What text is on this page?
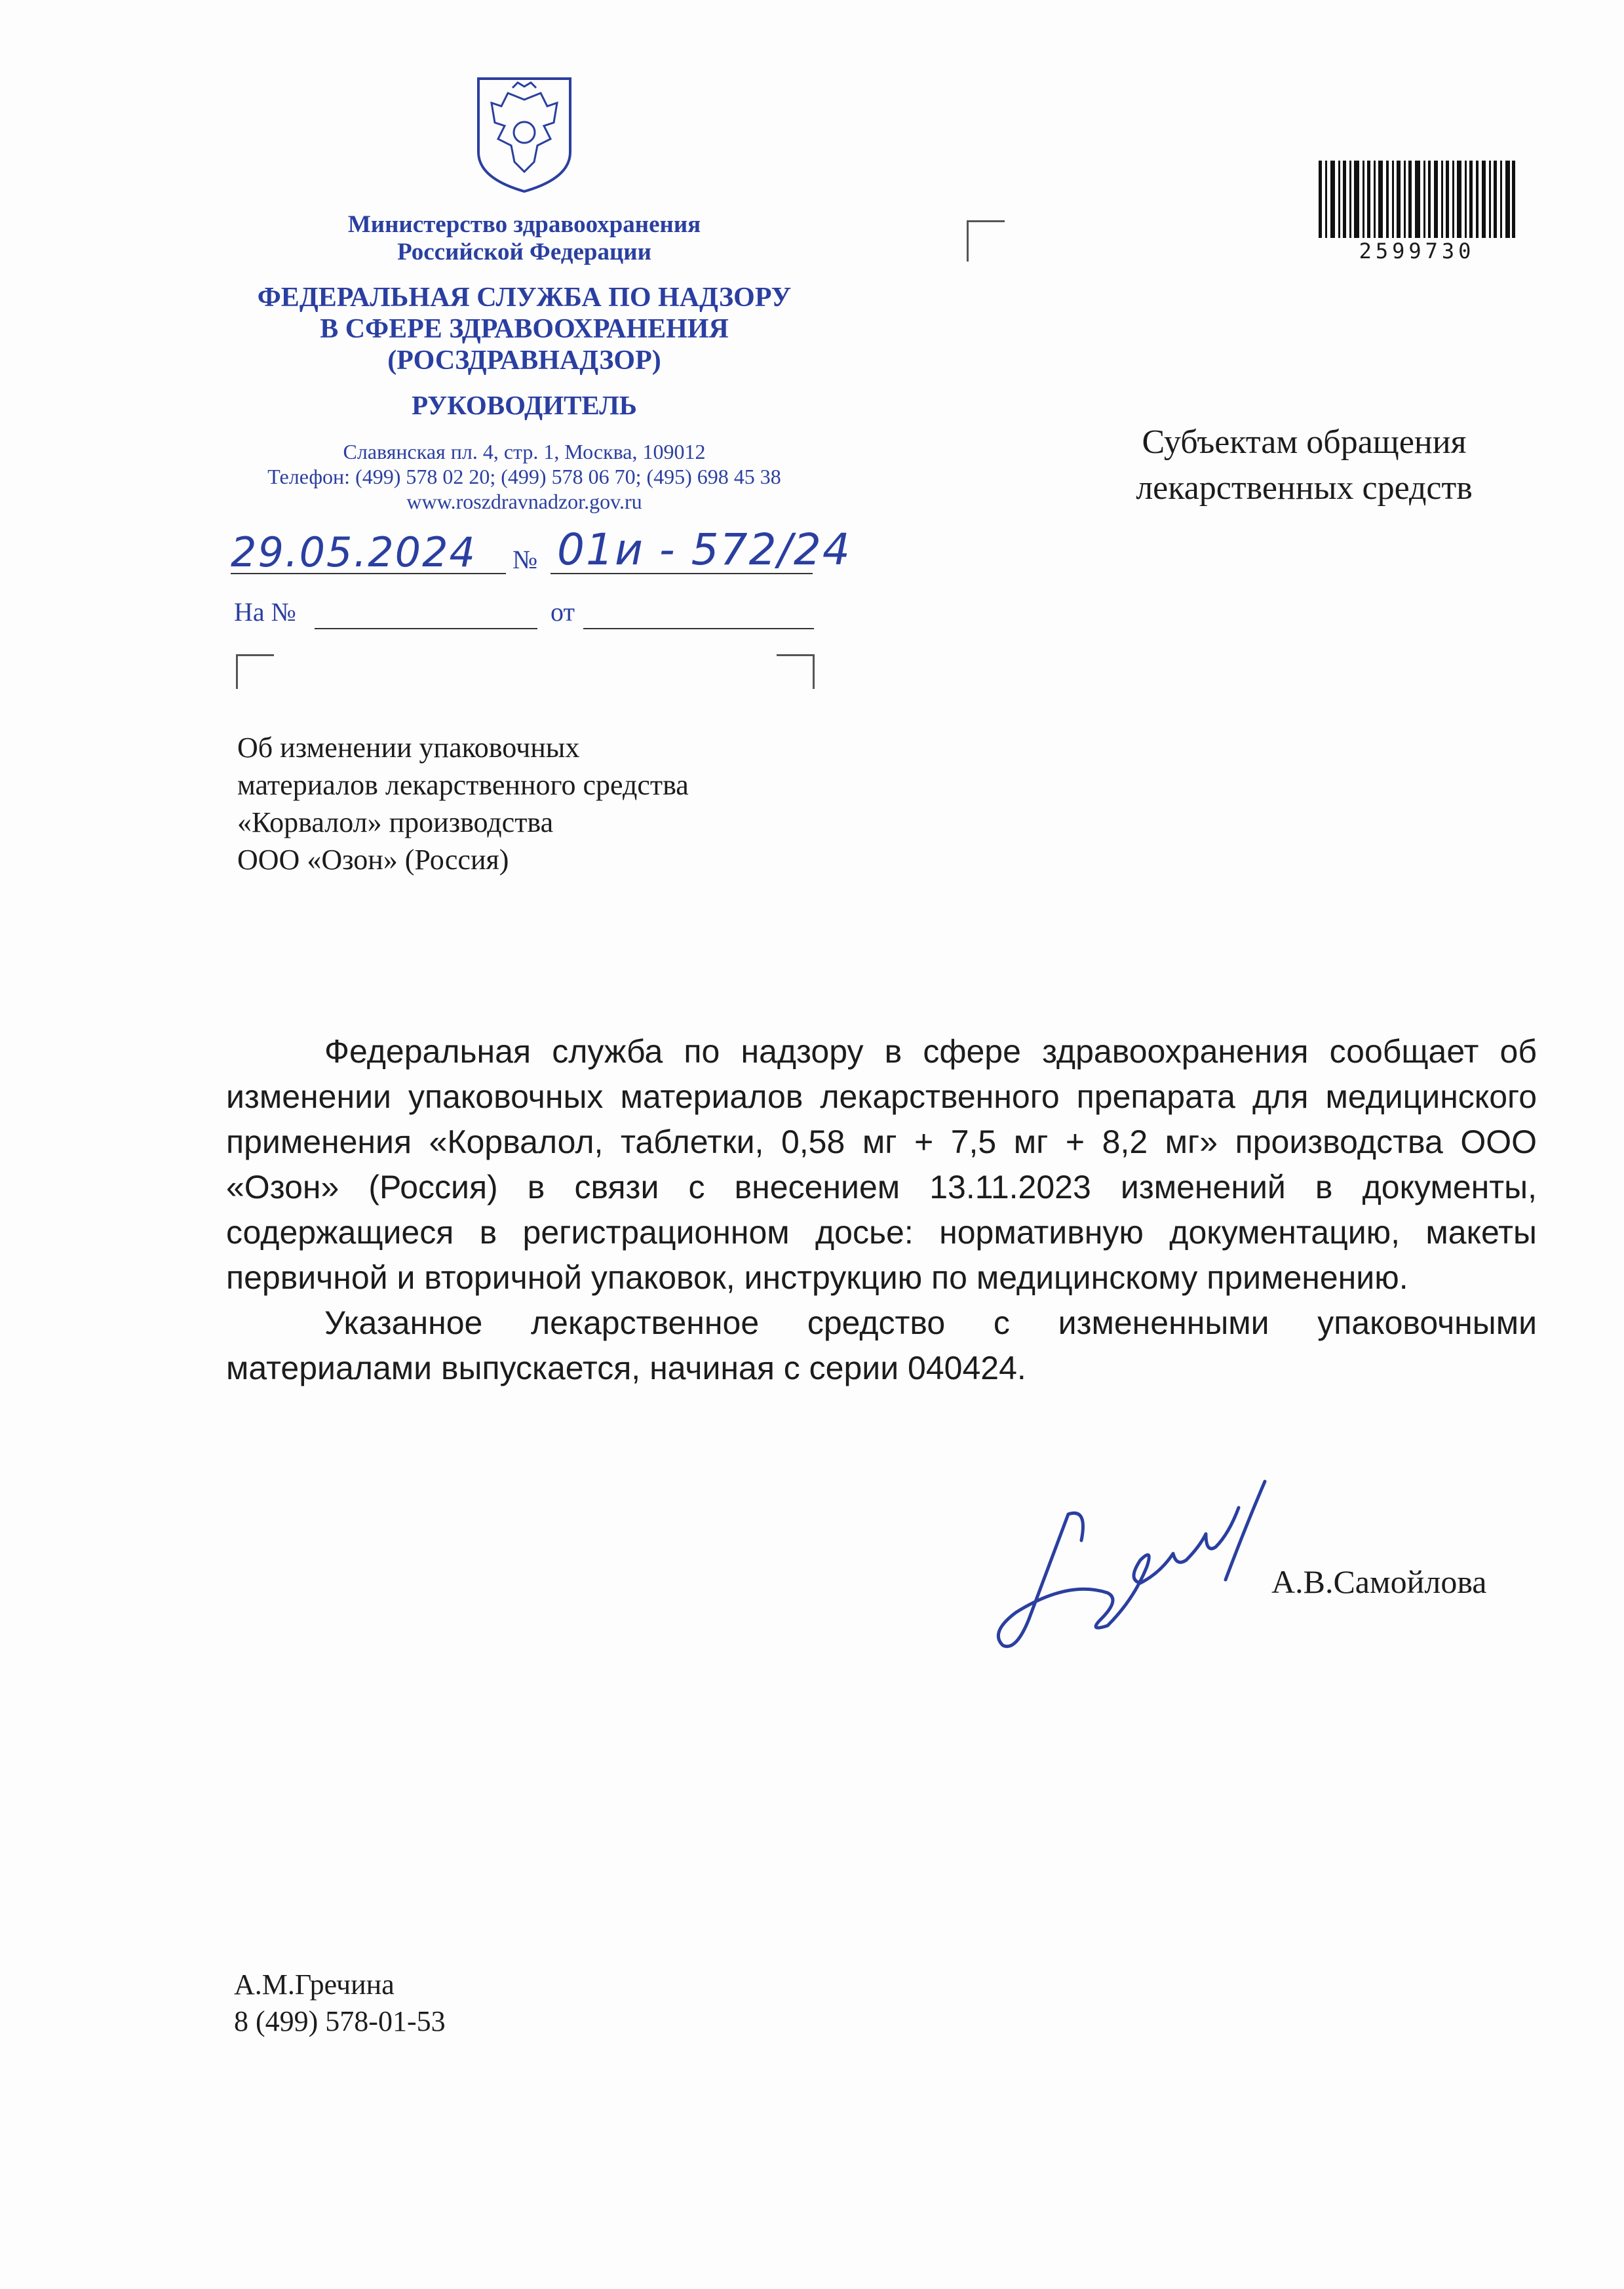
Министерство здравоохранения
Российской Федерации
ФЕДЕРАЛЬНАЯ СЛУЖБА ПО НАДЗОРУ
В СФЕРЕ ЗДРАВООХРАНЕНИЯ
(РОСЗДРАВНАДЗОР)
РУКОВОДИТЕЛЬ
Славянская пл. 4, стр. 1, Москва, 109012
Телефон: (499) 578 02 20; (499) 578 06 70; (495) 698 45 38
www.roszdravnadzor.gov.ru
29.05.2024 № 01и - 572/24
На №	от
2599730
Субъектам обращения
лекарственных средств
Об изменении упаковочных
материалов лекарственного средства
«Корвалол» производства
ООО «Озон» (Россия)

Федеральная служба по надзору в сфере здравоохранения сообщает об изменении упаковочных материалов лекарственного препарата для медицинского применения «Корвалол, таблетки, 0,58 мг + 7,5 мг + 8,2 мг» производства ООО «Озон» (Россия) в связи с внесением 13.11.2023 изменений в документы, содержащиеся в регистрационном досье: нормативную документацию, макеты первичной и вторичной упаковок, инструкцию по медицинскому применению.

Указанное лекарственное средство с измененными упаковочными материалами выпускается, начиная с серии 040424.

А.В.Самойлова
А.М.Гречина
8 (499) 578-01-53
